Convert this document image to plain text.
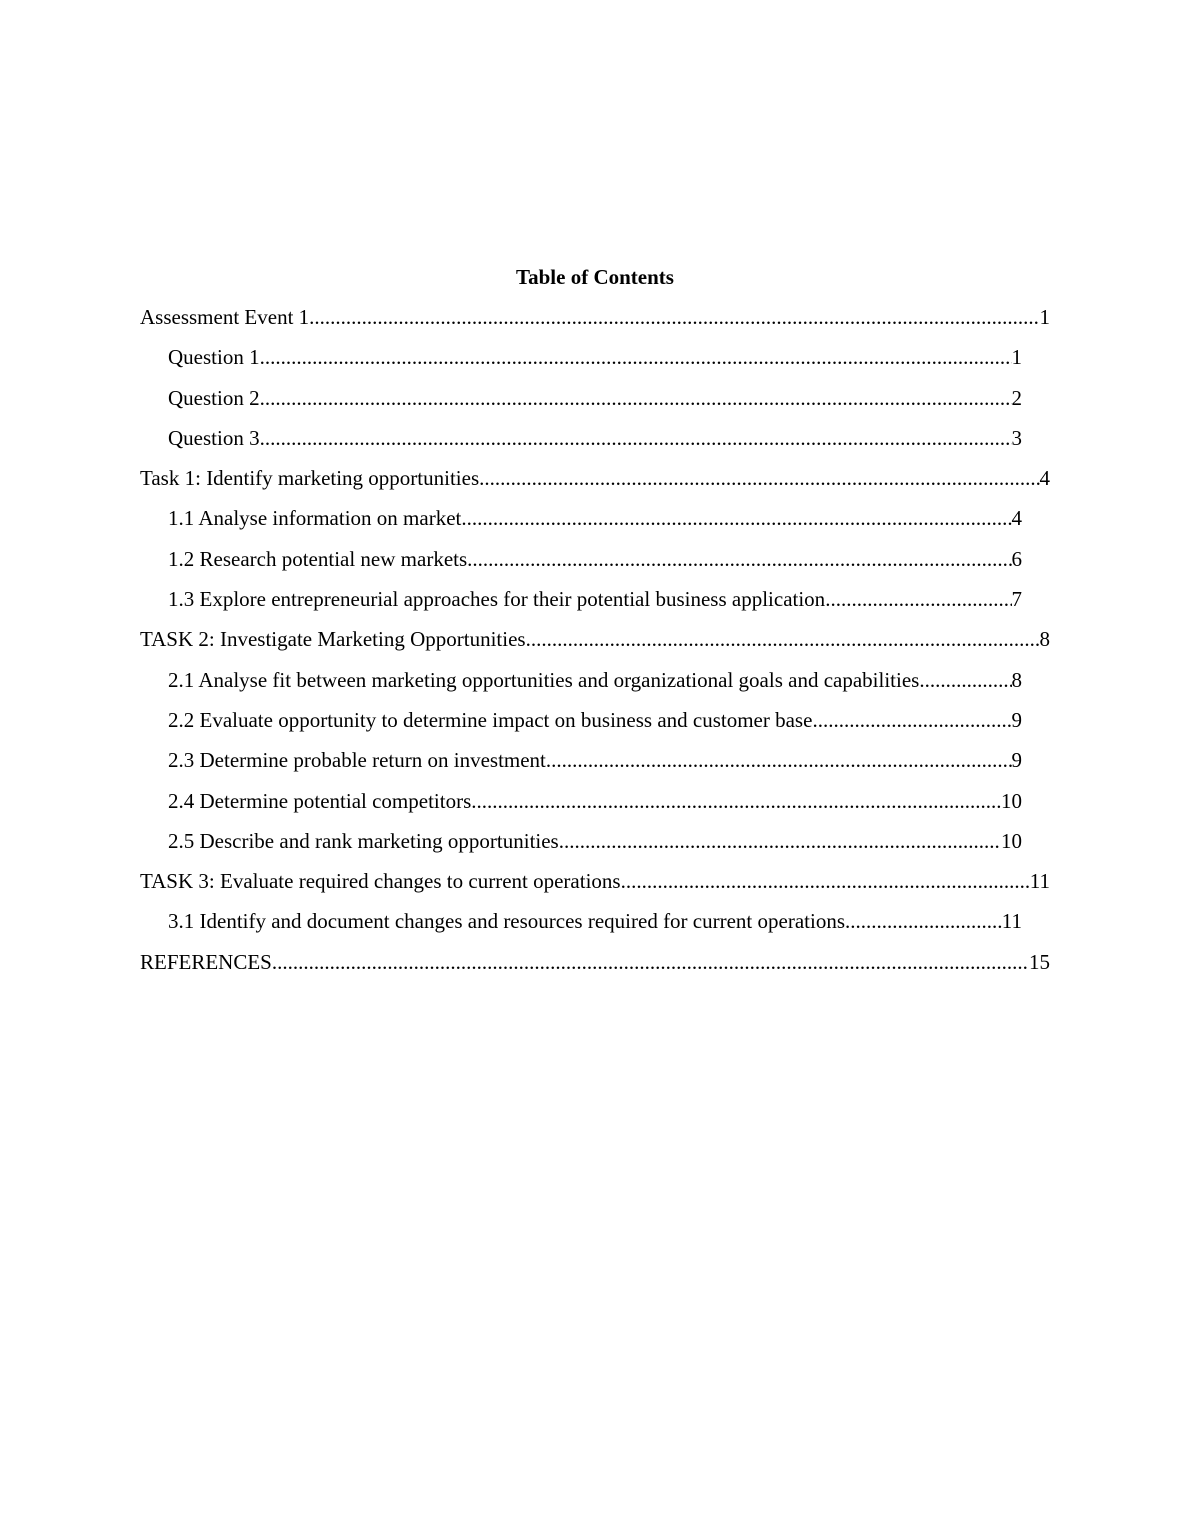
Table of Contents
Assessment Event 1 .....	1
Question 1 .....	1
Question 2 .....	2
Question 3 .....	3
Task 1: Identify marketing opportunities .....	4
1.1 Analyse information on market .....	4
1.2 Research potential new markets .....	6
1.3 Explore entrepreneurial approaches for their potential business application .....	7
TASK 2: Investigate Marketing Opportunities .....	8
2.1 Analyse fit between marketing opportunities and organizational goals and capabilities .....	8
2.2 Evaluate opportunity to determine impact on business and customer base .....	9
2.3 Determine probable return on investment .....	9
2.4 Determine potential competitors .....	10
2.5 Describe and rank marketing opportunities .....	10
TASK 3: Evaluate required changes to current operations .....	11
3.1 Identify and document changes and resources required for current operations .....	11
REFERENCES .....	15
